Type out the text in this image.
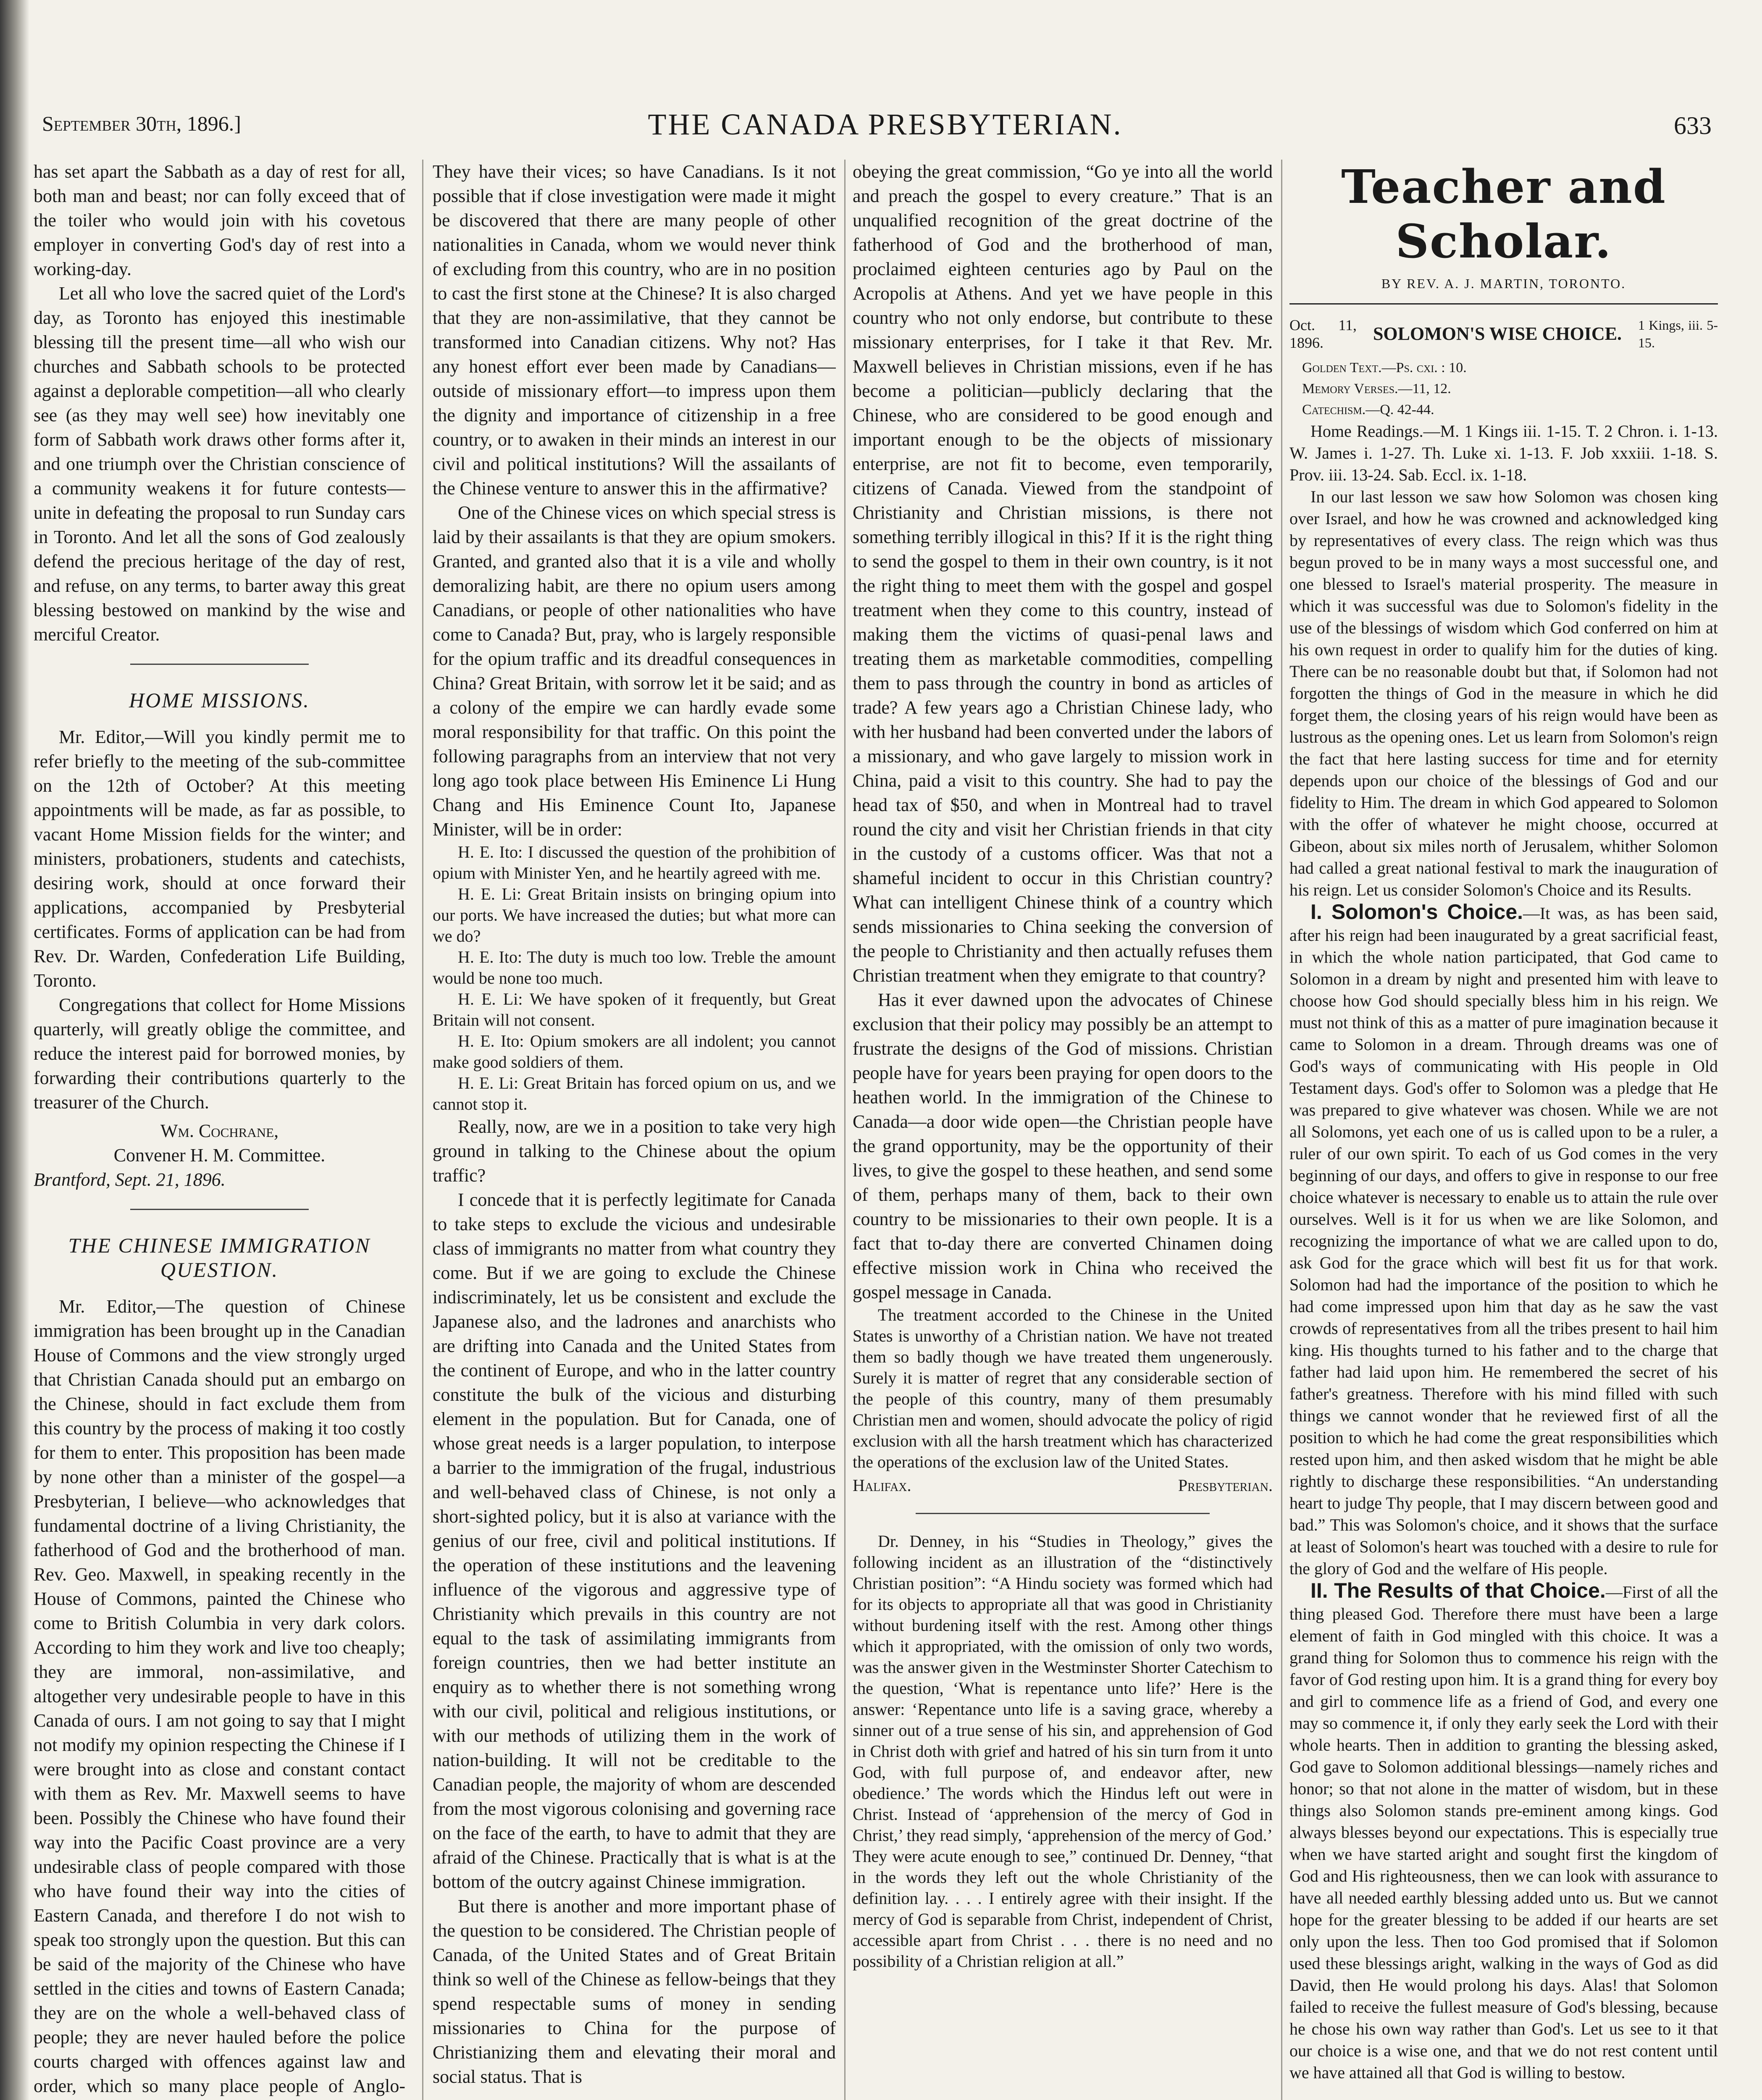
September 30th, 1896.]	THE CANADA PRESBYTERIAN.	633

has set apart the Sabbath as a day of rest for all, both man and beast; nor can folly exceed that of the toiler who would join with his covetous employer in converting God's day of rest into a working-day.

Let all who love the sacred quiet of the Lord's day, as Toronto has enjoyed this inestimable blessing till the present time—all who wish our churches and Sabbath schools to be protected against a deplorable competition—all who clearly see (as they may well see) how inevitably one form of Sabbath work draws other forms after it, and one triumph over the Christian conscience of a community weakens it for future contests—unite in defeating the proposal to run Sunday cars in Toronto. And let all the sons of God zealously defend the precious heritage of the day of rest, and refuse, on any terms, to barter away this great blessing bestowed on mankind by the wise and merciful Creator.

HOME MISSIONS.

Mr. Editor,—Will you kindly permit me to refer briefly to the meeting of the sub-committee on the 12th of October? At this meeting appointments will be made, as far as possible, to vacant Home Mission fields for the winter; and ministers, probationers, students and catechists, desiring work, should at once forward their applications, accompanied by Presbyterial certificates. Forms of application can be had from Rev. Dr. Warden, Confederation Life Building, Toronto.

Congregations that collect for Home Missions quarterly, will greatly oblige the committee, and reduce the interest paid for borrowed monies, by forwarding their contributions quarterly to the treasurer of the Church.

Wm. Cochrane,
Convener H. M. Committee.
Brantford, Sept. 21, 1896.
THE CHINESE IMMIGRATION QUESTION.

Mr. Editor,—The question of Chinese immigration has been brought up in the Canadian House of Commons and the view strongly urged that Christian Canada should put an embargo on the Chinese, should in fact exclude them from this country by the process of making it too costly for them to enter. This proposition has been made by none other than a minister of the gospel—a Presbyterian, I believe—who acknowledges that fundamental doctrine of a living Christianity, the fatherhood of God and the brotherhood of man. Rev. Geo. Maxwell, in speaking recently in the House of Commons, painted the Chinese who come to British Columbia in very dark colors. According to him they work and live too cheaply; they are immoral, non-assimilative, and altogether very undesirable people to have in this Canada of ours. I am not going to say that I might not modify my opinion respecting the Chinese if I were brought into as close and constant contact with them as Rev. Mr. Maxwell seems to have been. Possibly the Chinese who have found their way into the Pacific Coast province are a very undesirable class of people compared with those who have found their way into the cities of Eastern Canada, and therefore I do not wish to speak too strongly upon the question. But this can be said of the majority of the Chinese who have settled in the cities and towns of Eastern Canada; they are on the whole a well-behaved class of people; they are never hauled before the police courts charged with offences against law and order, which so many place people of Anglo-

They have their vices; so have Canadians. Is it not possible that if close investigation were made it might be discovered that there are many people of other nationalities in Canada, whom we would never think of excluding from this country, who are in no position to cast the first stone at the Chinese? It is also charged that they are non-assimilative, that they cannot be transformed into Canadian citizens. Why not? Has any honest effort ever been made by Canadians—outside of missionary effort—to impress upon them the dignity and importance of citizenship in a free country, or to awaken in their minds an interest in our civil and political institutions? Will the assailants of the Chinese venture to answer this in the affirmative?

One of the Chinese vices on which special stress is laid by their assailants is that they are opium smokers. Granted, and granted also that it is a vile and wholly demoralizing habit, are there no opium users among Canadians, or people of other nationalities who have come to Canada? But, pray, who is largely responsible for the opium traffic and its dreadful consequences in China? Great Britain, with sorrow let it be said; and as a colony of the empire we can hardly evade some moral responsibility for that traffic. On this point the following paragraphs from an interview that not very long ago took place between His Eminence Li Hung Chang and His Eminence Count Ito, Japanese Minister, will be in order:

H. E. Ito: I discussed the question of the prohibition of opium with Minister Yen, and he heartily agreed with me.

H. E. Li: Great Britain insists on bringing opium into our ports. We have increased the duties; but what more can we do?

H. E. Ito: The duty is much too low. Treble the amount would be none too much.

H. E. Li: We have spoken of it frequently, but Great Britain will not consent.

H. E. Ito: Opium smokers are all indolent; you cannot make good soldiers of them.

H. E. Li: Great Britain has forced opium on us, and we cannot stop it.

Really, now, are we in a position to take very high ground in talking to the Chinese about the opium traffic?

I concede that it is perfectly legitimate for Canada to take steps to exclude the vicious and undesirable class of immigrants no matter from what country they come. But if we are going to exclude the Chinese indiscriminately, let us be consistent and exclude the Japanese also, and the ladrones and anarchists who are drifting into Canada and the United States from the continent of Europe, and who in the latter country constitute the bulk of the vicious and disturbing element in the population. But for Canada, one of whose great needs is a larger population, to interpose a barrier to the immigration of the frugal, industrious and well-behaved class of Chinese, is not only a short-sighted policy, but it is also at variance with the genius of our free, civil and political institutions. If the operation of these institutions and the leavening influence of the vigorous and aggressive type of Christianity which prevails in this country are not equal to the task of assimilating immigrants from foreign countries, then we had better institute an enquiry as to whether there is not something wrong with our civil, political and religious institutions, or with our methods of utilizing them in the work of nation-building. It will not be creditable to the Canadian people, the majority of whom are descended from the most vigorous colonising and governing race on the face of the earth, to have to admit that they are afraid of the Chinese. Practically that is what is at the bottom of the outcry against Chinese immigration.

But there is another and more important phase of the question to be considered. The Christian people of Canada, of the United States and of Great Britain think so well of the Chinese as fellow-beings that they spend respectable sums of money in sending missionaries to China for the purpose of Christianizing them and elevating their moral and social status. That is

obeying the great commission, “Go ye into all the world and preach the gospel to every creature.” That is an unqualified recognition of the great doctrine of the fatherhood of God and the brotherhood of man, proclaimed eighteen centuries ago by Paul on the Acropolis at Athens. And yet we have people in this country who not only endorse, but contribute to these missionary enterprises, for I take it that Rev. Mr. Maxwell believes in Christian missions, even if he has become a politician—publicly declaring that the Chinese, who are considered to be good enough and important enough to be the objects of missionary enterprise, are not fit to become, even temporarily, citizens of Canada. Viewed from the standpoint of Christianity and Christian missions, is there not something terribly illogical in this? If it is the right thing to send the gospel to them in their own country, is it not the right thing to meet them with the gospel and gospel treatment when they come to this country, instead of making them the victims of quasi-penal laws and treating them as marketable commodities, compelling them to pass through the country in bond as articles of trade? A few years ago a Christian Chinese lady, who with her husband had been converted under the labors of a missionary, and who gave largely to mission work in China, paid a visit to this country. She had to pay the head tax of $50, and when in Montreal had to travel round the city and visit her Christian friends in that city in the custody of a customs officer. Was that not a shameful incident to occur in this Christian country? What can intelligent Chinese think of a country which sends missionaries to China seeking the conversion of the people to Christianity and then actually refuses them Christian treatment when they emigrate to that country?

Has it ever dawned upon the advocates of Chinese exclusion that their policy may possibly be an attempt to frustrate the designs of the God of missions. Christian people have for years been praying for open doors to the heathen world. In the immigration of the Chinese to Canada—a door wide open—the Christian people have the grand opportunity, may be the opportunity of their lives, to give the gospel to these heathen, and send some of them, perhaps many of them, back to their own country to be missionaries to their own people. It is a fact that to-day there are converted Chinamen doing effective mission work in China who received the gospel message in Canada.

The treatment accorded to the Chinese in the United States is unworthy of a Christian nation. We have not treated them so badly though we have treated them ungenerously. Surely it is matter of regret that any considerable section of the people of this country, many of them presumably Christian men and women, should advocate the policy of rigid exclusion with all the harsh treatment which has characterized the operations of the exclusion law of the United States.

Halifax.	Presbyterian.

Dr. Denney, in his “Studies in Theology,” gives the following incident as an illustration of the “distinctively Christian position”: “A Hindu society was formed which had for its objects to appropriate all that was good in Christianity without burdening itself with the rest. Among other things which it appropriated, with the omission of only two words, was the answer given in the Westminster Shorter Catechism to the question, ‘What is repentance unto life?’ Here is the answer: ‘Repentance unto life is a saving grace, whereby a sinner out of a true sense of his sin, and apprehension of God in Christ doth with grief and hatred of his sin turn from it unto God, with full purpose of, and endeavor after, new obedience.’ The words which the Hindus left out were in Christ. Instead of ‘apprehension of the mercy of God in Christ,’ they read simply, ‘apprehension of the mercy of God.’ They were acute enough to see,” continued Dr. Denney, “that in the words they left out the whole Christianity of the definition lay. . . . I entirely agree with their insight. If the mercy of God is separable from Christ, independent of Christ, accessible apart from Christ . . . there is no need and no possibility of a Christian religion at all.”

Teacher and Scholar.
BY REV. A. J. MARTIN, TORONTO.
Oct. 11, 1896.	SOLOMON'S WISE CHOICE.	1 Kings, iii. 5-15.
Golden Text.—Ps. cxi. : 10.
Memory Verses.—11, 12.
Catechism.—Q. 42-44.

Home Readings.—M. 1 Kings iii. 1-15. T. 2 Chron. i. 1-13. W. James i. 1-27. Th. Luke xi. 1-13. F. Job xxxiii. 1-18. S. Prov. iii. 13-24. Sab. Eccl. ix. 1-18.

In our last lesson we saw how Solomon was chosen king over Israel, and how he was crowned and acknowledged king by representatives of every class. The reign which was thus begun proved to be in many ways a most successful one, and one blessed to Israel's material prosperity. The measure in which it was successful was due to Solomon's fidelity in the use of the blessings of wisdom which God conferred on him at his own request in order to qualify him for the duties of king. There can be no reasonable doubt but that, if Solomon had not forgotten the things of God in the measure in which he did forget them, the closing years of his reign would have been as lustrous as the opening ones. Let us learn from Solomon's reign the fact that here lasting success for time and for eternity depends upon our choice of the blessings of God and our fidelity to Him. The dream in which God appeared to Solomon with the offer of whatever he might choose, occurred at Gibeon, about six miles north of Jerusalem, whither Solomon had called a great national festival to mark the inauguration of his reign. Let us consider Solomon's Choice and its Results.

I. Solomon's Choice.—It was, as has been said, after his reign had been inaugurated by a great sacrificial feast, in which the whole nation participated, that God came to Solomon in a dream by night and presented him with leave to choose how God should specially bless him in his reign. We must not think of this as a matter of pure imagination because it came to Solomon in a dream. Through dreams was one of God's ways of communicating with His people in Old Testament days. God's offer to Solomon was a pledge that He was prepared to give whatever was chosen. While we are not all Solomons, yet each one of us is called upon to be a ruler, a ruler of our own spirit. To each of us God comes in the very beginning of our days, and offers to give in response to our free choice whatever is necessary to enable us to attain the rule over ourselves. Well is it for us when we are like Solomon, and recognizing the importance of what we are called upon to do, ask God for the grace which will best fit us for that work. Solomon had had the importance of the position to which he had come impressed upon him that day as he saw the vast crowds of representatives from all the tribes present to hail him king. His thoughts turned to his father and to the charge that father had laid upon him. He remembered the secret of his father's greatness. Therefore with his mind filled with such things we cannot wonder that he reviewed first of all the position to which he had come the great responsibilities which rested upon him, and then asked wisdom that he might be able rightly to discharge these responsibilities. “An understanding heart to judge Thy people, that I may discern between good and bad.” This was Solomon's choice, and it shows that the surface at least of Solomon's heart was touched with a desire to rule for the glory of God and the welfare of His people.

II. The Results of that Choice.—First of all the thing pleased God. Therefore there must have been a large element of faith in God mingled with this choice. It was a grand thing for Solomon thus to commence his reign with the favor of God resting upon him. It is a grand thing for every boy and girl to commence life as a friend of God, and every one may so commence it, if only they early seek the Lord with their whole hearts. Then in addition to granting the blessing asked, God gave to Solomon additional blessings—namely riches and honor; so that not alone in the matter of wisdom, but in these things also Solomon stands pre-eminent among kings. God always blesses beyond our expectations. This is especially true when we have started aright and sought first the kingdom of God and His righteousness, then we can look with assurance to have all needed earthly blessing added unto us. But we cannot hope for the greater blessing to be added if our hearts are set only upon the less. Then too God promised that if Solomon used these blessings aright, walking in the ways of God as did David, then He would prolong his days. Alas! that Solomon failed to receive the fullest measure of God's blessing, because he chose his own way rather than God's. Let us see to it that our choice is a wise one, and that we do not rest content until we have attained all that God is willing to bestow.
